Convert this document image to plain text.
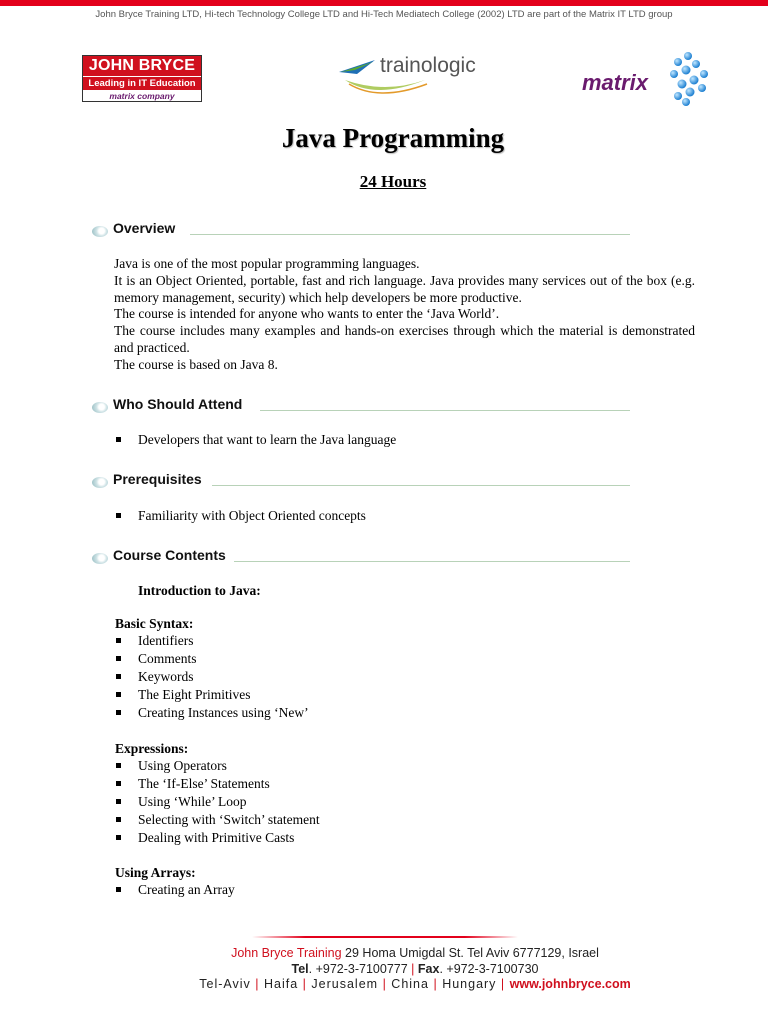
John Bryce Training LTD, Hi-tech Technology College LTD and Hi-Tech Mediatech College (2002) LTD are part of the Matrix IT LTD group
JOHN BRYCE
Leading in IT Education
matrix company
trainologic
matrix
Java Programming
24 Hours
Overview

Java is one of the most popular programming languages.

It is an Object Oriented, portable, fast and rich language. Java provides many services out of the box (e.g. memory management, security) which help developers be more productive.

The course is intended for anyone who wants to enter the ‘Java World’.

The course includes many examples and hands-on exercises through which the material is demonstrated and practiced.

The course is based on Java 8.

Who Should Attend
Developers that want to learn the Java language
Prerequisites
Familiarity with Object Oriented concepts
Course Contents
Introduction to Java:
Basic Syntax:
Identifiers
Comments
Keywords
The Eight Primitives
Creating Instances using ‘New’
Expressions:
Using Operators
The ‘If-Else’ Statements
Using ‘While’ Loop
Selecting with ‘Switch’ statement
Dealing with Primitive Casts
Using Arrays:
Creating an Array
John Bryce Training 29 Homa Umigdal St. Tel Aviv 6777129, Israel
Tel. +972-3-7100777 | Fax. +972-3-7100730
Tel-Aviv | Haifa | Jerusalem | China | Hungary | www.johnbryce.com
